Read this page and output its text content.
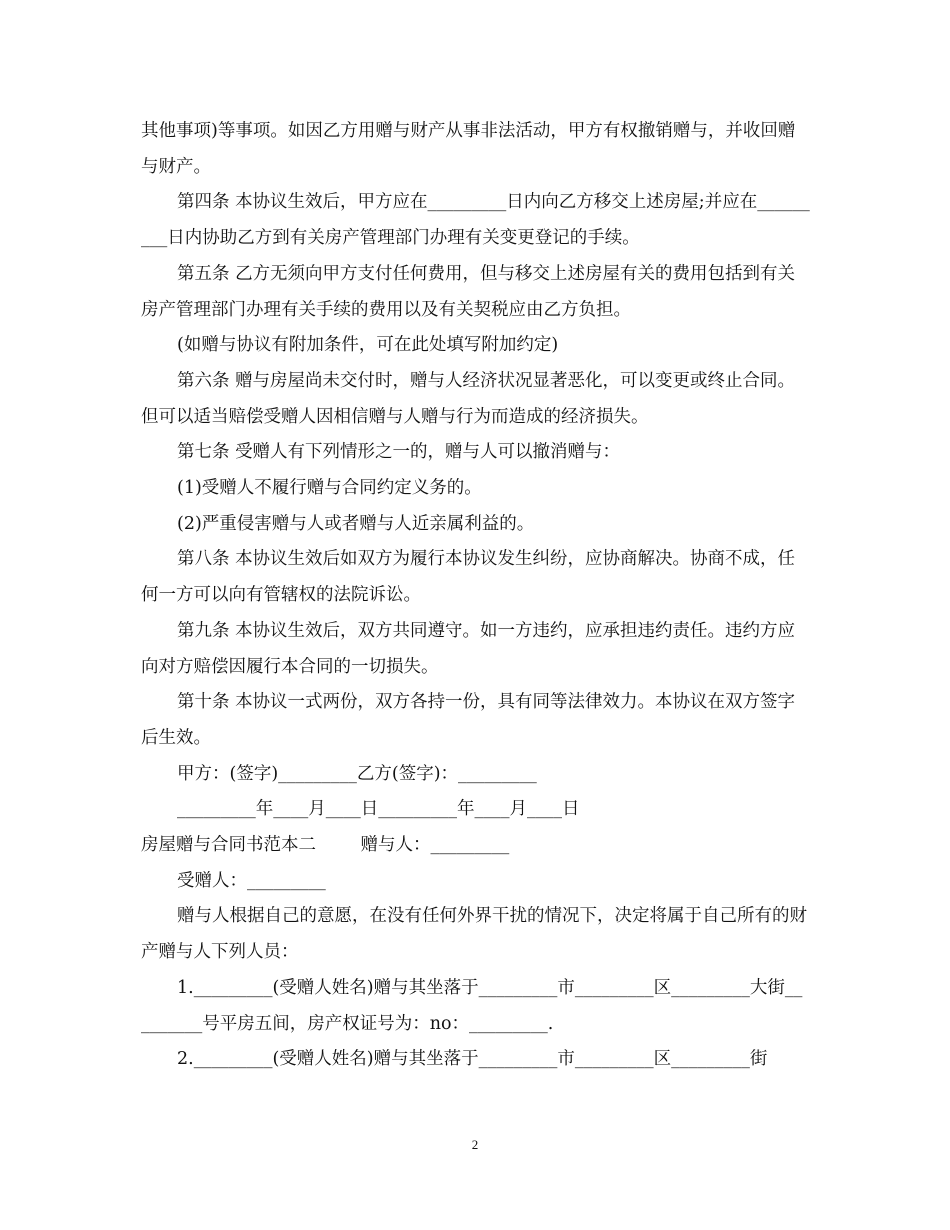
其他事项)等事项。如因乙方用赠与财产从事非法活动，甲方有权撤销赠与，并收回赠与财产。

第四条 本协议生效后，甲方应在_________日内向乙方移交上述房屋;并应在_________日内协助乙方到有关房产管理部门办理有关变更登记的手续。

第五条 乙方无须向甲方支付任何费用，但与移交上述房屋有关的费用包括到有关房产管理部门办理有关手续的费用以及有关契税应由乙方负担。

(如赠与协议有附加条件，可在此处填写附加约定)

第六条 赠与房屋尚未交付时，赠与人经济状况显著恶化，可以变更或终止合同。但可以适当赔偿受赠人因相信赠与人赠与行为而造成的经济损失。

第七条 受赠人有下列情形之一的，赠与人可以撤消赠与：

(1)受赠人不履行赠与合同约定义务的。

(2)严重侵害赠与人或者赠与人近亲属利益的。

第八条 本协议生效后如双方为履行本协议发生纠纷，应协商解决。协商不成，任何一方可以向有管辖权的法院诉讼。

第九条 本协议生效后，双方共同遵守。如一方违约，应承担违约责任。违约方应向对方赔偿因履行本合同的一切损失。

第十条 本协议一式两份，双方各持一份，具有同等法律效力。本协议在双方签字后生效。

甲方：(签字)_________乙方(签字)：_________

_________年____月____日_________年____月____日

房屋赠与合同书范本二        赠与人：_________

受赠人：_________

赠与人根据自己的意愿，在没有任何外界干扰的情况下，决定将属于自己所有的财产赠与人下列人员：

1._________(受赠人姓名)赠与其坐落于_________市_________区_________大街_________号平房五间，房产权证号为：no：_________.

2._________(受赠人姓名)赠与其坐落于_________市_________区_________街

2
